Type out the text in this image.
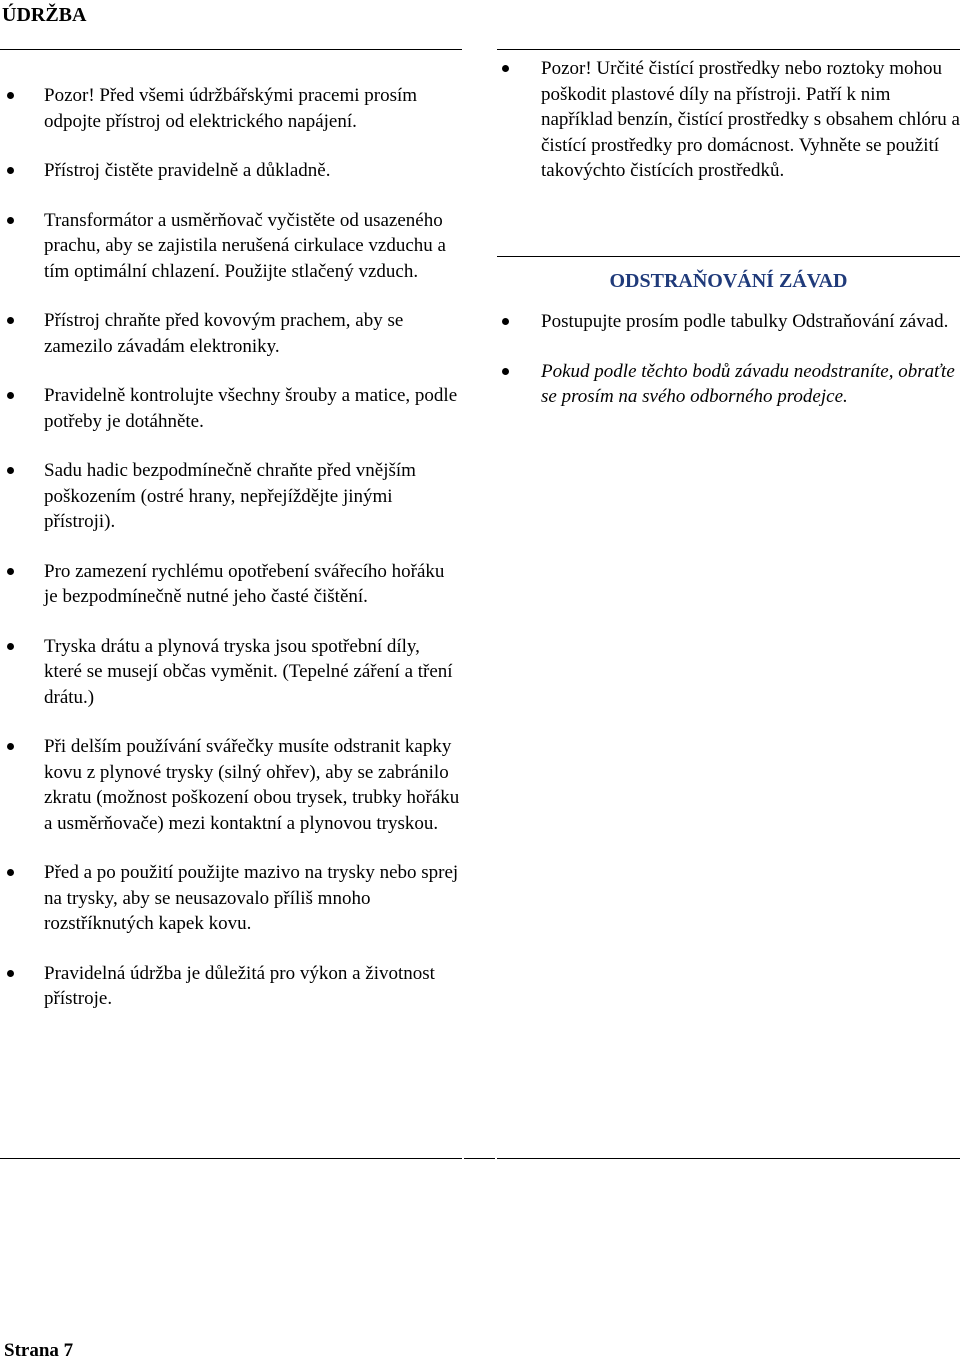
ÚDRŽBA
Pozor! Před všemi údržbářskými pracemi prosím odpojte přístroj od elektrického napájení.
Přístroj čistěte pravidelně a důkladně.
Transformátor a usměrňovač vyčistěte od usazeného prachu, aby se zajistila nerušená cirkulace vzduchu a tím optimální chlazení. Použijte stlačený vzduch.
Přístroj chraňte před kovovým prachem, aby se zamezilo závadám elektroniky.
Pravidelně kontrolujte všechny šrouby a matice, podle potřeby je dotáhněte.
Sadu hadic bezpodmínečně chraňte před vnějším poškozením (ostré hrany, nepřejíždějte jinými přístroji).
Pro zamezení rychlému opotřebení svářecího hořáku je bezpodmínečně nutné jeho časté čištění.
Tryska drátu a plynová tryska jsou spotřební díly, které se musejí občas vyměnit. (Tepelné záření a tření drátu.)
Při delším používání svářečky musíte odstranit kapky kovu z plynové trysky (silný ohřev), aby se zabránilo zkratu (možnost poškození obou trysek, trubky hořáku a usměrňovače) mezi kontaktní a plynovou tryskou.
Před a po použití použijte mazivo na trysky nebo sprej na trysky, aby se neusazovalo příliš mnoho rozstříknutých kapek kovu.
Pravidelná údržba je důležitá pro výkon a životnost přístroje.
Pozor! Určité čistící prostředky nebo roztoky mohou poškodit plastové díly na přístroji. Patří k nim například benzín, čistící prostředky s obsahem chlóru a čistící prostředky pro domácnost. Vyhněte se použití takovýchto čistících prostředků.
ODSTRAŇOVÁNÍ ZÁVAD
Postupujte prosím podle tabulky Odstraňování závad.
Pokud podle těchto bodů závadu neodstraníte, obraťte se prosím na svého odborného prodejce.
Strana 7
